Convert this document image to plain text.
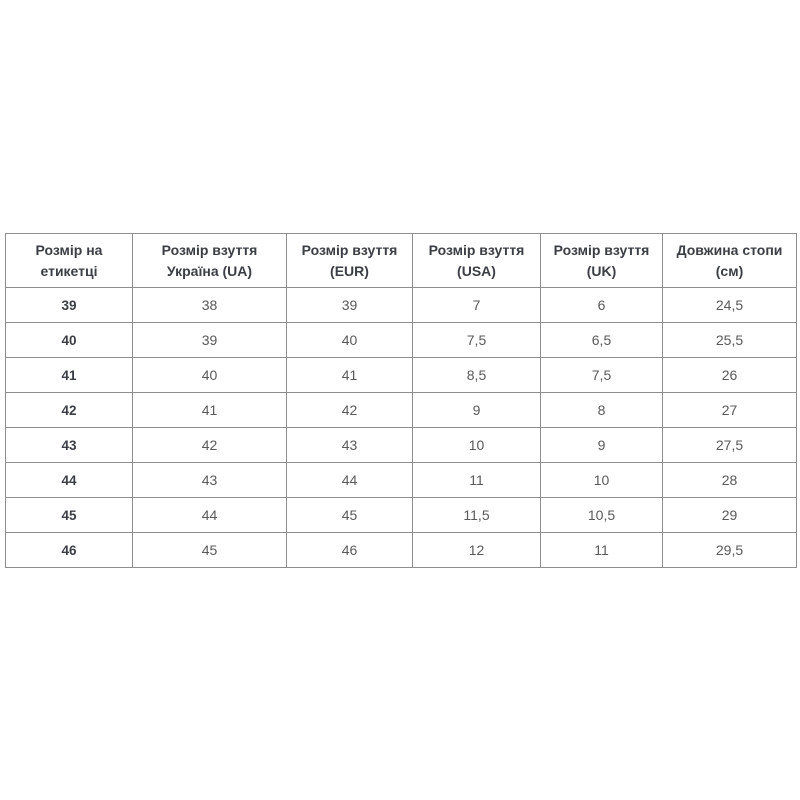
Розмір на етикетці	Розмір взуття Україна (UA)	Розмір взуття (EUR)	Розмір взуття (USA)	Розмір взуття (UK)	Довжина стопи (см)
39	38	39	7	6	24,5
40	39	40	7,5	6,5	25,5
41	40	41	8,5	7,5	26
42	41	42	9	8	27
43	42	43	10	9	27,5
44	43	44	11	10	28
45	44	45	11,5	10,5	29
46	45	46	12	11	29,5
